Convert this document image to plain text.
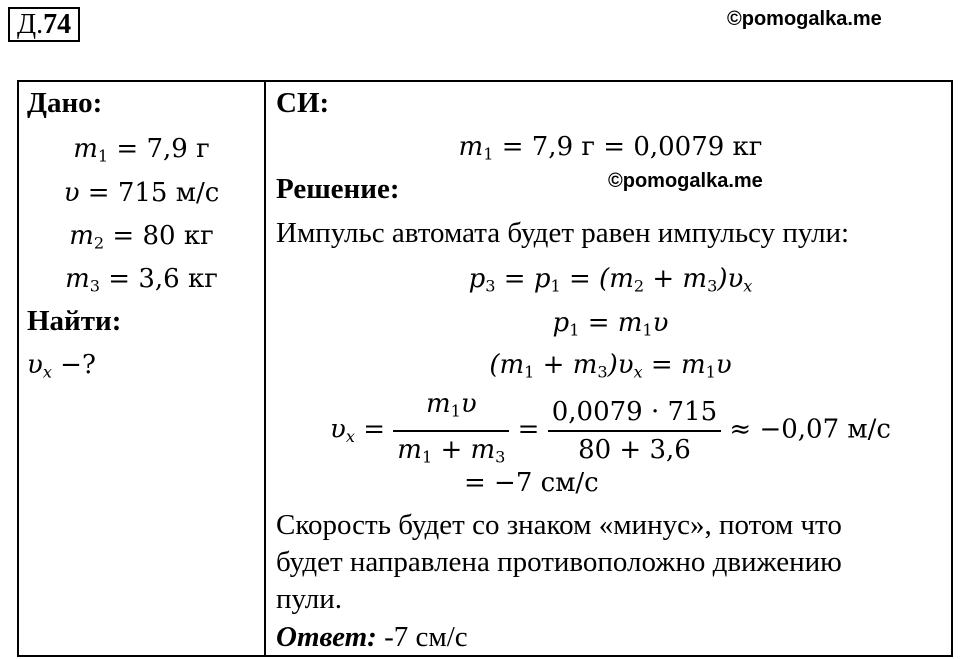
Д.74	©pomogalka.me
Дано:
$m_1 = 7,9$ г
υ = 715 м/с
$m_2 = 80$ кг
$m_3 = 3,6$ кг
Найти:
$\upsilon_x$ −?
СИ:
$m_1 = 7,9$ г = 0,0079 кг
Решение:	©pomogalka.me
Импульс автомата будет равен импульсу пули:
$p_3 = p_1 = (m_2 + m_3)\upsilon_x$
$p_1 = m_1\upsilon$
$(m_1 + m_3)\upsilon_x = m_1\upsilon$
$\upsilon_x = \frac{m_1\upsilon}{m_1 + m_3} = \frac{0,0079 \cdot 715}{80 + 3,6} \approx -0,07$ м/с
= −7 см/с
Скорость будет со знаком «минус», потом что
будет направлена противоположно движению
пули.
Ответ: -7 см/с
